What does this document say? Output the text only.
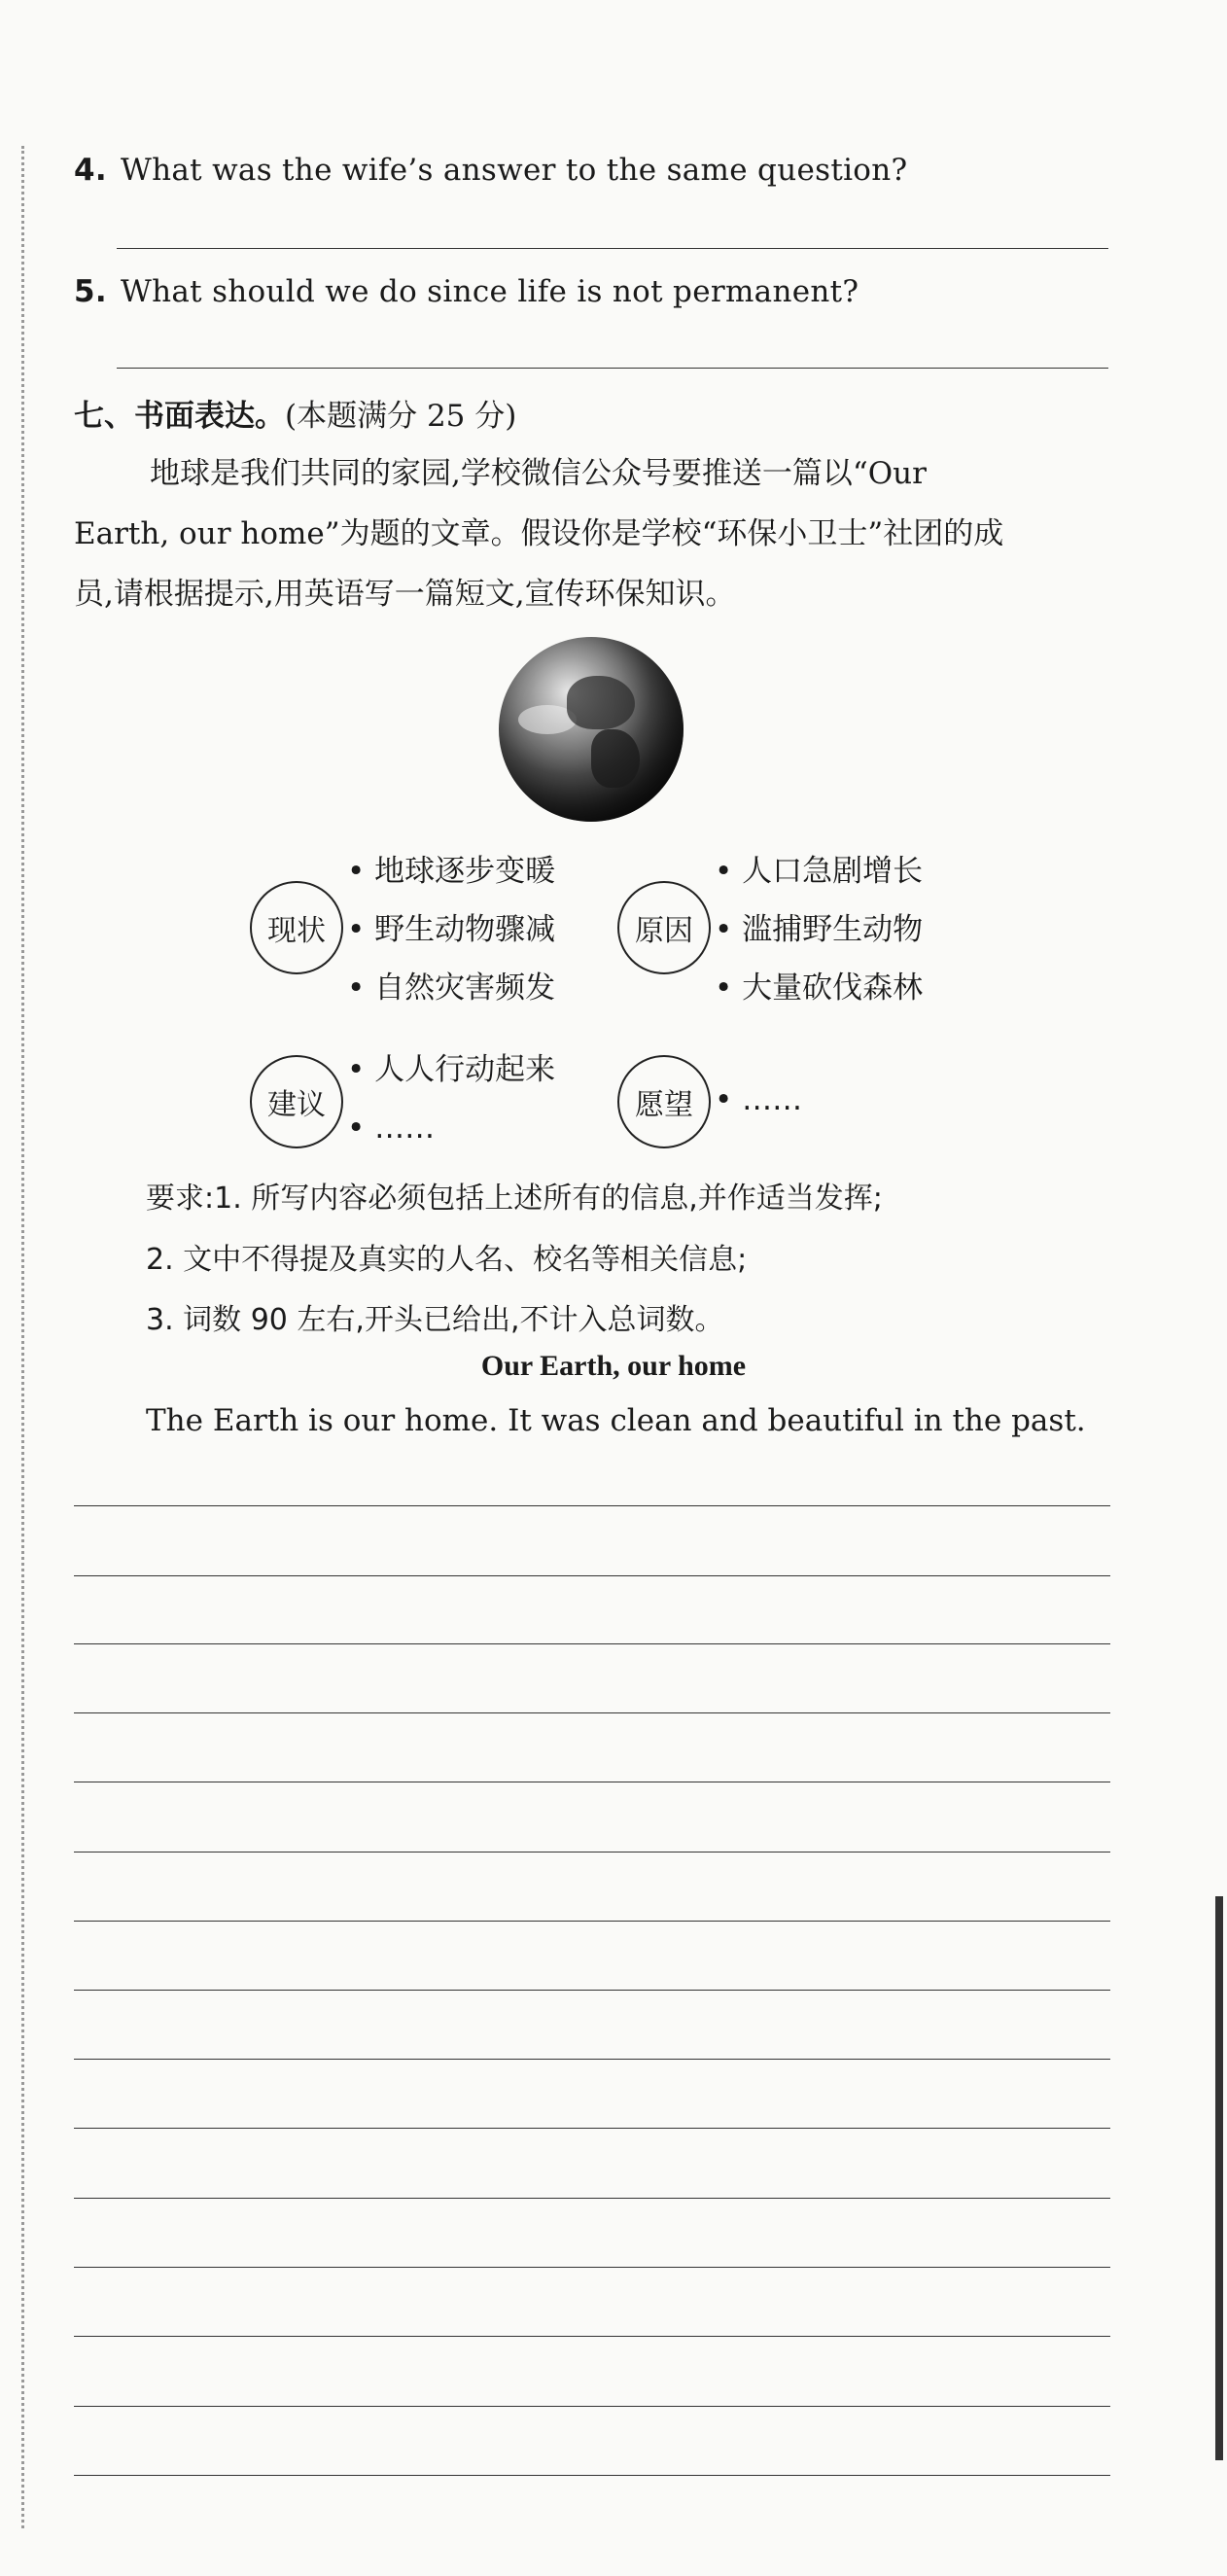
4. What was the wife’s answer to the same question?
5. What should we do since life is not permanent?
七、书面表达。(本题满分 25 分)
地球是我们共同的家园,学校微信公众号要推送一篇以“Our
Earth, our home”为题的文章。假设你是学校“环保小卫士”社团的成
员,请根据提示,用英语写一篇短文,宣传环保知识。
现状
• 地球逐步变暖
• 野生动物骤减
• 自然灾害频发
原因
• 人口急剧增长
• 滥捕野生动物
• 大量砍伐森林
建议
• 人人行动起来
• ……
愿望 • ……
要求:1. 所写内容必须包括上述所有的信息,并作适当发挥;
2. 文中不得提及真实的人名、校名等相关信息;
3. 词数 90 左右,开头已给出,不计入总词数。
Our Earth, our home
The Earth is our home. It was clean and beautiful in the past.
